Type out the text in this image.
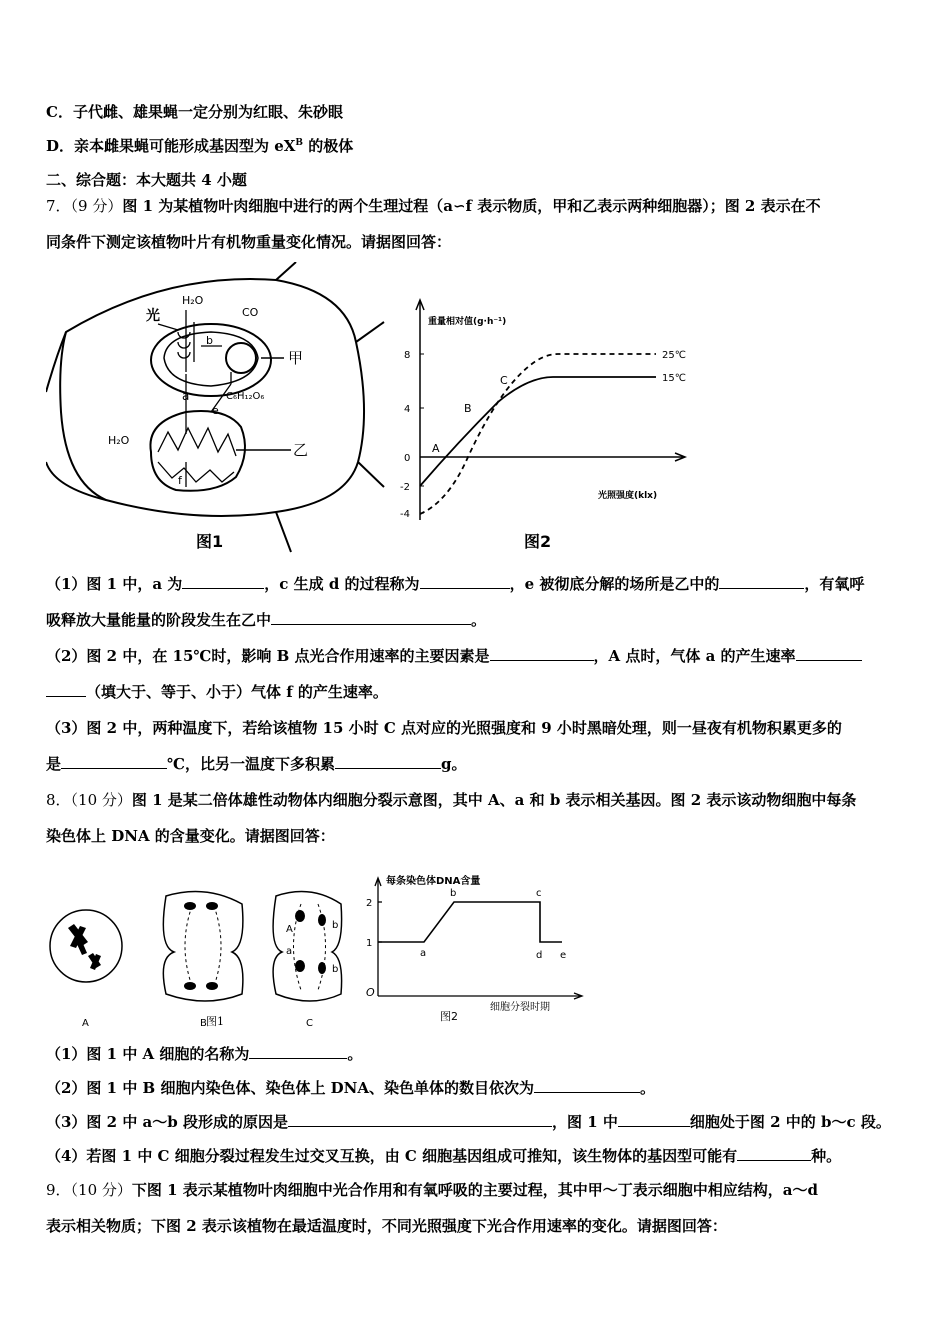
C．子代雌、雄果蝇一定分别为红眼、朱砂眼
D．亲本雌果蝇可能形成基因型为 $eX^B$ 的极体
二、综合题：本大题共 4 小题
7．（9 分）图 1 为某植物叶肉细胞中进行的两个生理过程（a∽f 表示物质，甲和乙表示两种细胞器）；图 2 表示在不
同条件下测定该植物叶片有机物重量变化情况。请据图回答：
H₂O
光	CO
b
a	C₆H₁₂O₆
e
H₂O
f
甲
乙
图1
重量相对值(g·h⁻¹)
8
4
0
-2
-4
A
B
C
25℃
15℃
光照强度(klx)
图2
（1）图 1 中，a 为	，c 生成 d 的过程称为	，e 被彻底分解的场所是乙中的	，有氧呼
吸释放大量能量的阶段发生在乙中	。
（2）图 2 中，在 15℃时，影响 B 点光合作用速率的主要因素是	，A 点时，气体 a 的产生速率
（填大于、等于、小于）气体 f 的产生速率。
（3）图 2 中，两种温度下，若给该植物 15 小时 C 点对应的光照强度和 9 小时黑暗处理，则一昼夜有机物积累更多的
是	℃，比另一温度下多积累	g。
8．（10 分）图 1 是某二倍体雄性动物体内细胞分裂示意图，其中 A、a 和 b 表示相关基因。图 2 表示该动物细胞中每条
染色体上 DNA 的含量变化。请据图回答：
A	B	C
A
a
b
b
图1
每条染色体DNA含量
2
1
O
a
b	c
d e
细胞分裂时期
图2
（1）图 1 中 A 细胞的名称为	。
（2）图 1 中 B 细胞内染色体、染色体上 DNA、染色单体的数目依次为	。
（3）图 2 中 a～b 段形成的原因是	，图 1 中	细胞处于图 2 中的 b～c 段。
（4）若图 1 中 C 细胞分裂过程发生过交叉互换，由 C 细胞基因组成可推知，该生物体的基因型可能有	种。
9．（10 分）下图 1 表示某植物叶肉细胞中光合作用和有氧呼吸的主要过程，其中甲～丁表示细胞中相应结构，a～d
表示相关物质；下图 2 表示该植物在最适温度时，不同光照强度下光合作用速率的变化。请据图回答：
